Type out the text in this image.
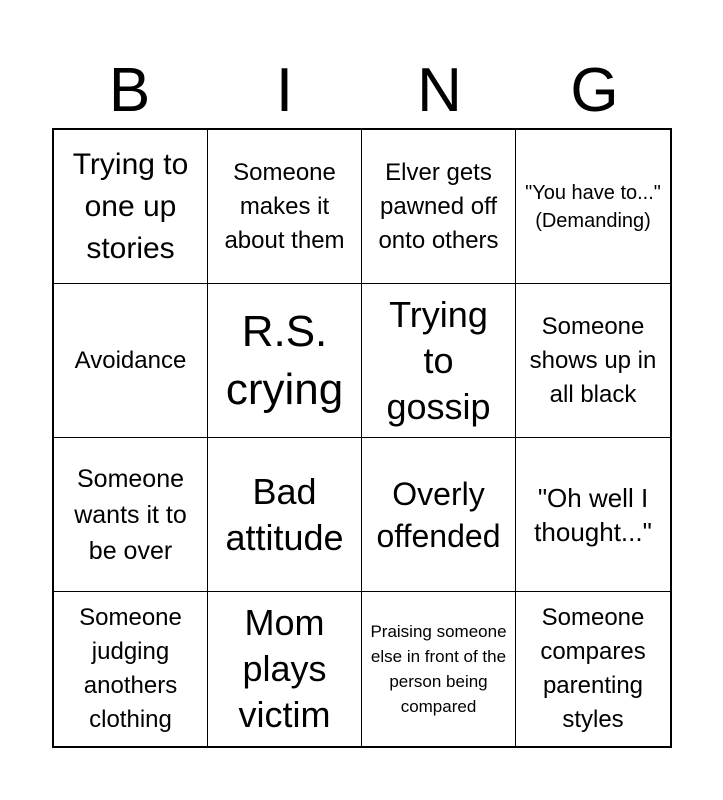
B	I	N	G
Trying to one up stories
Someone makes it about them
Elver gets pawned off onto others
"You have to..." (Demanding)
Avoidance
R.S. crying
Trying to gossip
Someone shows up in all black
Someone wants it to be over
Bad attitude
Overly offended
"Oh well I thought..."
Someone judging anothers clothing
Mom plays victim
Praising someone else in front of the person being compared
Someone compares parenting styles
